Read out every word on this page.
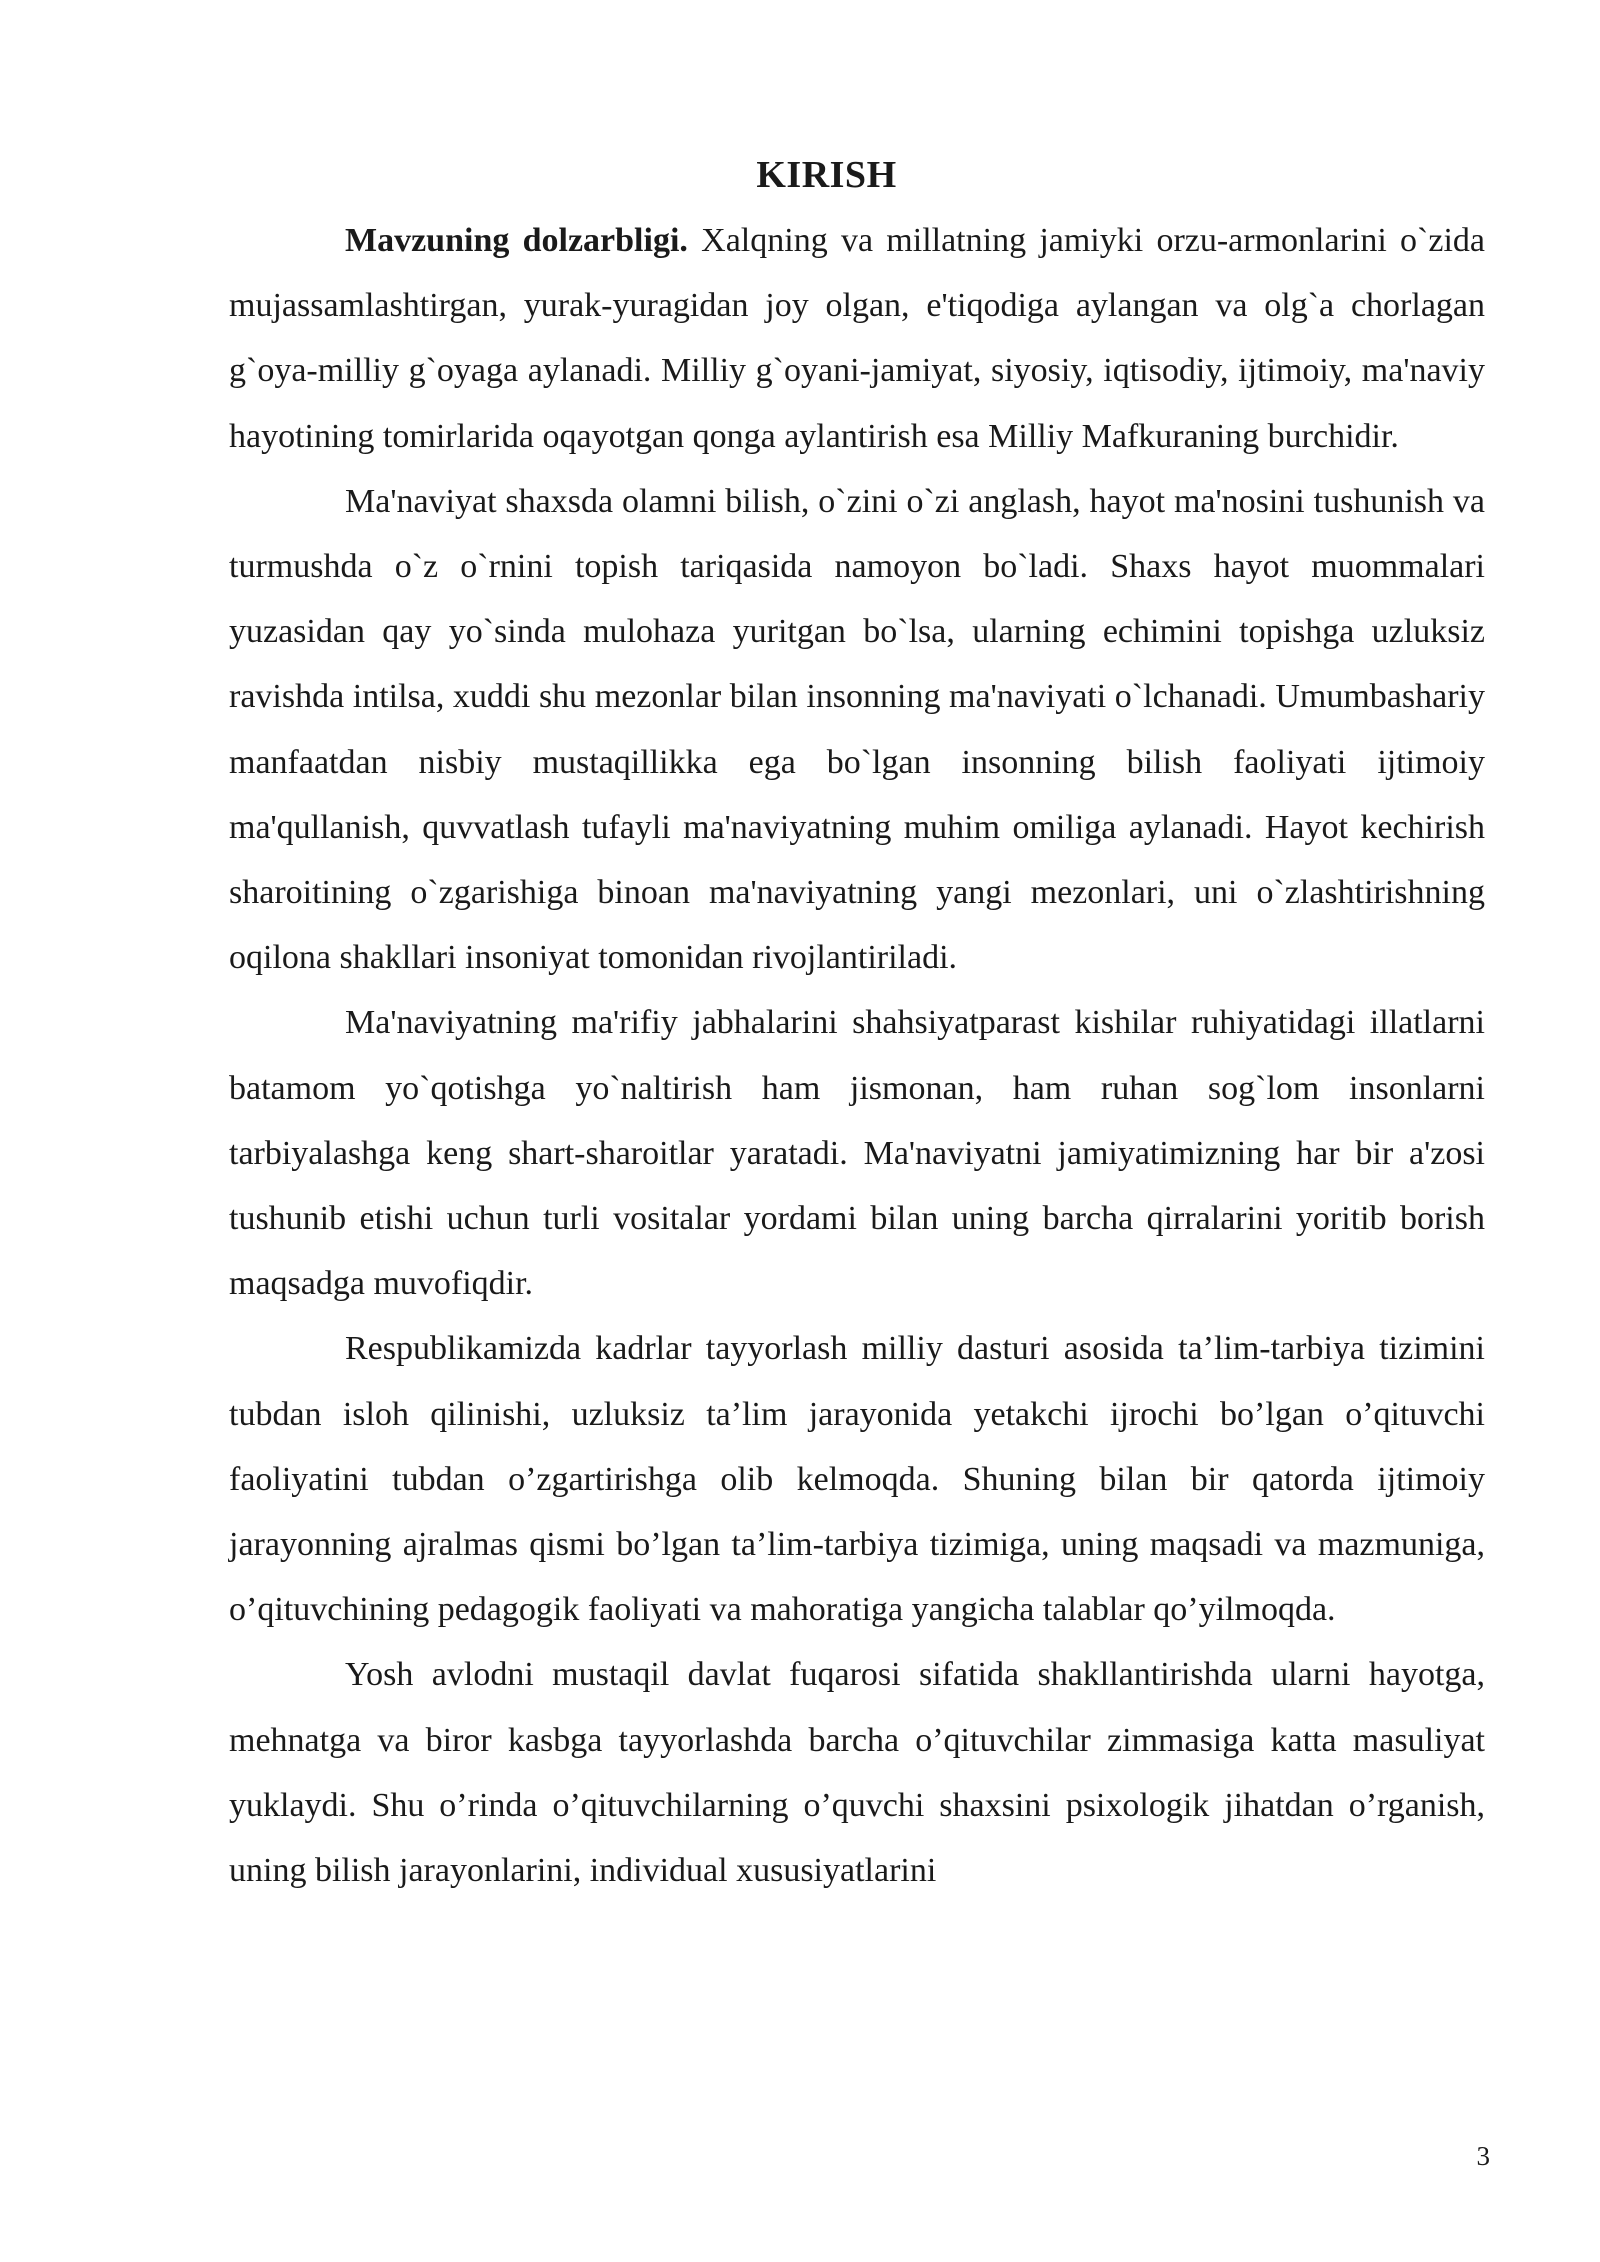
KIRISH

Mavzuning dolzarbligi. Xalqning va millatning jamiyki orzu-armonlarini o`zida mujassamlashtirgan, yurak-yuragidan joy olgan, e'tiqodiga aylangan va olg`a chorlagan g`oya-milliy g`oyaga aylanadi. Milliy g`oyani-jamiyat, siyosiy, iqtisodiy, ijtimoiy, ma'naviy hayotining tomirlarida oqayotgan qonga aylantirish esa Milliy Mafkuraning burchidir.

Ma'naviyat shaxsda olamni bilish, o`zini o`zi anglash, hayot ma'nosini tushunish va turmushda o`z o`rnini topish tariqasida namoyon bo`ladi. Shaxs hayot muommalari yuzasidan qay yo`sinda mulohaza yuritgan bo`lsa, ularning echimini topishga uzluksiz ravishda intilsa, xuddi shu mezonlar bilan insonning ma'naviyati o`lchanadi. Umumbashariy manfaatdan nisbiy mustaqillikka ega bo`lgan insonning bilish faoliyati ijtimoiy ma'qullanish, quvvatlash tufayli ma'naviyatning muhim omiliga aylanadi. Hayot kechirish sharoitining o`zgarishiga binoan ma'naviyatning yangi mezonlari, uni o`zlashtirishning oqilona shakllari insoniyat tomonidan rivojlantiriladi.

Ma'naviyatning ma'rifiy jabhalarini shahsiyatparast kishilar ruhiyatidagi illatlarni batamom yo`qotishga yo`naltirish ham jismonan, ham ruhan sog`lom insonlarni tarbiyalashga keng shart-sharoitlar yaratadi. Ma'naviyatni jamiyatimizning har bir a'zosi tushunib etishi uchun turli vositalar yordami bilan uning barcha qirralarini yoritib borish maqsadga muvofiqdir.

Respublikamizda kadrlar tayyorlash milliy dasturi asosida ta’lim-tarbiya tizimini tubdan isloh qilinishi, uzluksiz ta’lim jarayonida yetakchi ijrochi bo’lgan o’qituvchi faoliyatini tubdan o’zgartirishga olib kelmoqda. Shuning bilan bir qatorda ijtimoiy jarayonning ajralmas qismi bo’lgan ta’lim-tarbiya tizimiga, uning maqsadi va mazmuniga, o’qituvchining pedagogik faoliyati va mahoratiga yangicha talablar qo’yilmoqda.

Yosh avlodni mustaqil davlat fuqarosi sifatida shakllantirishda ularni hayotga, mehnatga va biror kasbga tayyorlashda barcha o’qituvchilar zimmasiga katta masuliyat yuklaydi. Shu o’rinda o’qituvchilarning o’quvchi shaxsini psixologik jihatdan o’rganish, uning bilish jarayonlarini, individual xususiyatlarini

3
